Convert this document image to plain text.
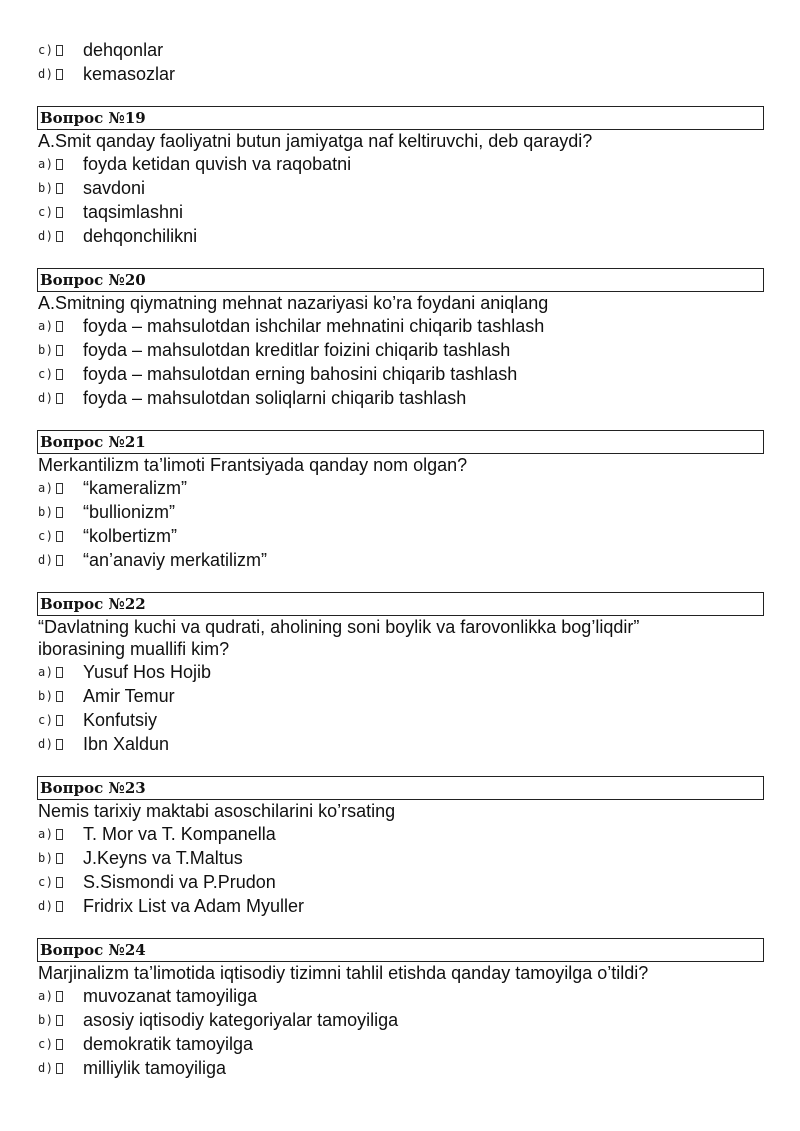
c) dehqonlar
d) kemasozlar
Вопрос №19
A.Smit qanday faoliyatni butun jamiyatga naf keltiruvchi, deb qaraydi?
a) foyda ketidan quvish va raqobatni
b) savdoni
c) taqsimlashni
d) dehqonchilikni
Вопрос №20
A.Smitning qiymatning mehnat nazariyasi ko’ra foydani aniqlang
a) foyda – mahsulotdan ishchilar mehnatini chiqarib tashlash
b) foyda – mahsulotdan kreditlar foizini chiqarib tashlash
c) foyda – mahsulotdan erning bahosini chiqarib tashlash
d) foyda – mahsulotdan soliqlarni chiqarib tashlash
Вопрос №21
Merkantilizm ta’limoti Frantsiyada qanday nom olgan?
a) “kameralizm”
b) “bullionizm”
c) “kolbertizm”
d) “an’anaviy merkatilizm”
Вопрос №22
“Davlatning kuchi va qudrati, aholining soni boylik va farovonlikka bog’liqdir”
iborasining muallifi kim?
a) Yusuf Hos Hojib
b) Amir Temur
c) Konfutsiy
d) Ibn Xaldun
Вопрос №23
Nemis tarixiy maktabi asoschilarini ko’rsating
a) T. Mor va T. Kompanella
b) J.Keyns va T.Maltus
c) S.Sismondi va P.Prudon
d) Fridrix List va Adam Myuller
Вопрос №24
Marjinalizm ta’limotida iqtisodiy tizimni tahlil etishda qanday tamoyilga o’tildi?
a) muvozanat tamoyiliga
b) asosiy iqtisodiy kategoriyalar tamoyiliga
c) demokratik tamoyilga
d) milliylik tamoyiliga
